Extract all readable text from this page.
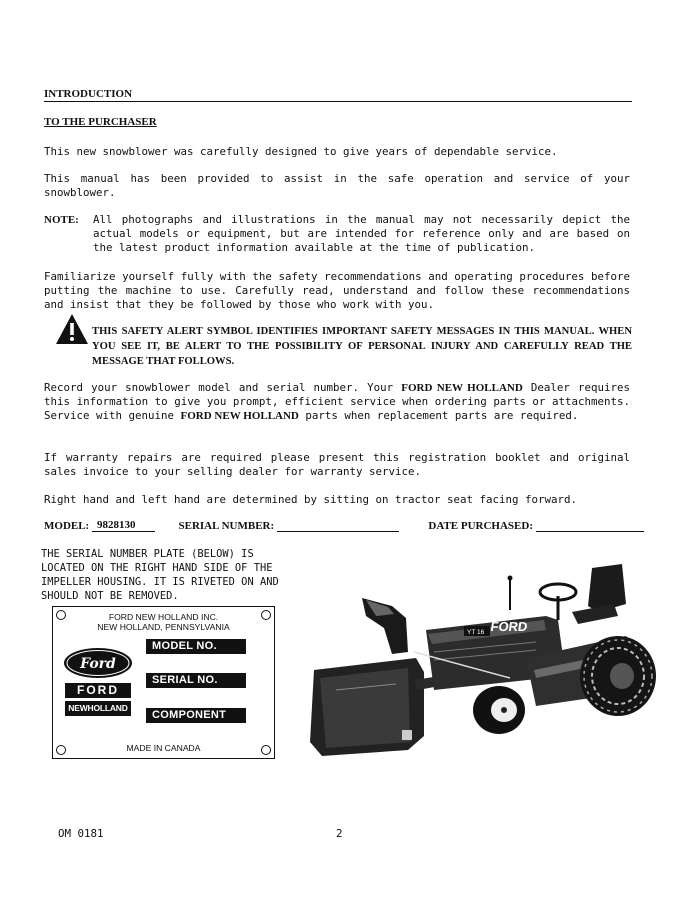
INTRODUCTION
TO THE PURCHASER
This new snowblower was carefully designed to give years of dependable service.
This manual has been provided to assist in the safe operation and service of your snowblower.
NOTE: All photographs and illustrations in the manual may not necessarily depict the actual models or equipment, but are intended for reference only and are based on the latest product information available at the time of publication.
Familiarize yourself fully with the safety recommendations and operating procedures before putting the machine to use. Carefully read, understand and follow these recommendations and insist that they be followed by those who work with you.
THIS SAFETY ALERT SYMBOL IDENTIFIES IMPORTANT SAFETY MESSAGES IN THIS MANUAL. WHEN YOU SEE IT, BE ALERT TO THE POSSIBILITY OF PERSONAL INJURY AND CAREFULLY READ THE MESSAGE THAT FOLLOWS.
Record your snowblower model and serial number. Your FORD NEW HOLLAND Dealer requires this information to give you prompt, efficient service when ordering parts or attachments. Service with genuine FORD NEW HOLLAND parts when replacement parts are required.
If warranty repairs are required please present this registration booklet and original sales invoice to your selling dealer for warranty service.
Right hand and left hand are determined by sitting on tractor seat facing forward.
MODEL: 9828130	SERIAL NUMBER:	DATE PURCHASED:
THE SERIAL NUMBER PLATE (BELOW) IS LOCATED ON THE RIGHT HAND SIDE OF THE IMPELLER HOUSING. IT IS RIVETED ON AND SHOULD NOT BE REMOVED.
FORD NEW HOLLAND INC.
NEW HOLLAND, PENNSYLVANIA
Ford
FORD
NEWHOLLAND
MODEL NO.
SERIAL NO.
COMPONENT
MADE IN CANADA
YT 16 FORD
OM 0181	2
